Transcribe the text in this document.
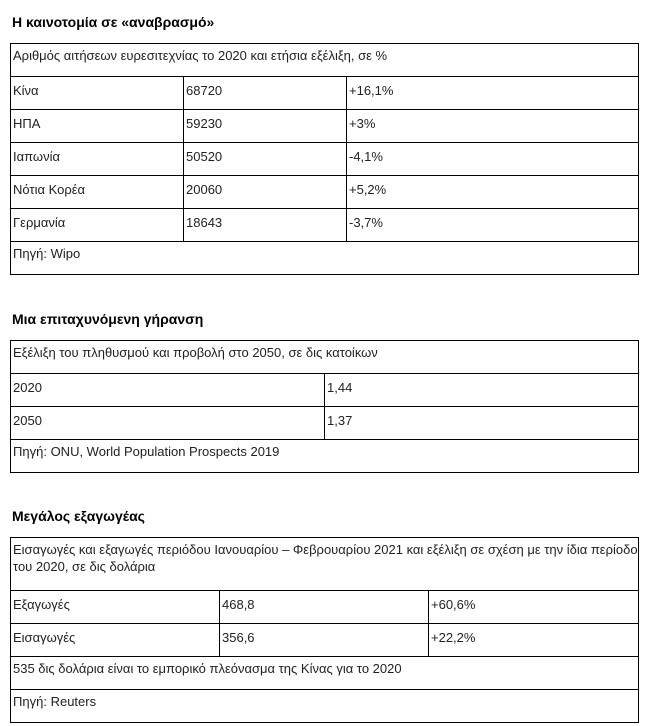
Η καινοτομία σε «αναβρασμό»
Αριθμός αιτήσεων ευρεσιτεχνίας το 2020 και ετήσια εξέλιξη, σε %		
Κίνα	68720	+16,1%
ΗΠΑ	59230	+3%
Ιαπωνία	50520	-4,1%
Νότια Κορέα	20060	+5,2%
Γερμανία	18643	-3,7%
Πηγή: Wipo		
Μια επιταχυνόμενη γήρανση
Εξέλιξη του πληθυσμού και προβολή στο 2050, σε δις κατοίκων	
2020	1,44
2050	1,37
Πηγή: ONU, World Population Prospects 2019	
Μεγάλος εξαγωγέας
Εισαγωγές και εξαγωγές περιόδου Ιανουαρίου – Φεβρουαρίου 2021 και εξέλιξη σε σχέση με την ίδια περίοδο του 2020, σε δις δολάρια		
Εξαγωγές	468,8	+60,6%
Εισαγωγές	356,6	+22,2%
535 δις δολάρια είναι το εμπορικό πλεόνασμα της Κίνας για το 2020		
Πηγή: Reuters		
